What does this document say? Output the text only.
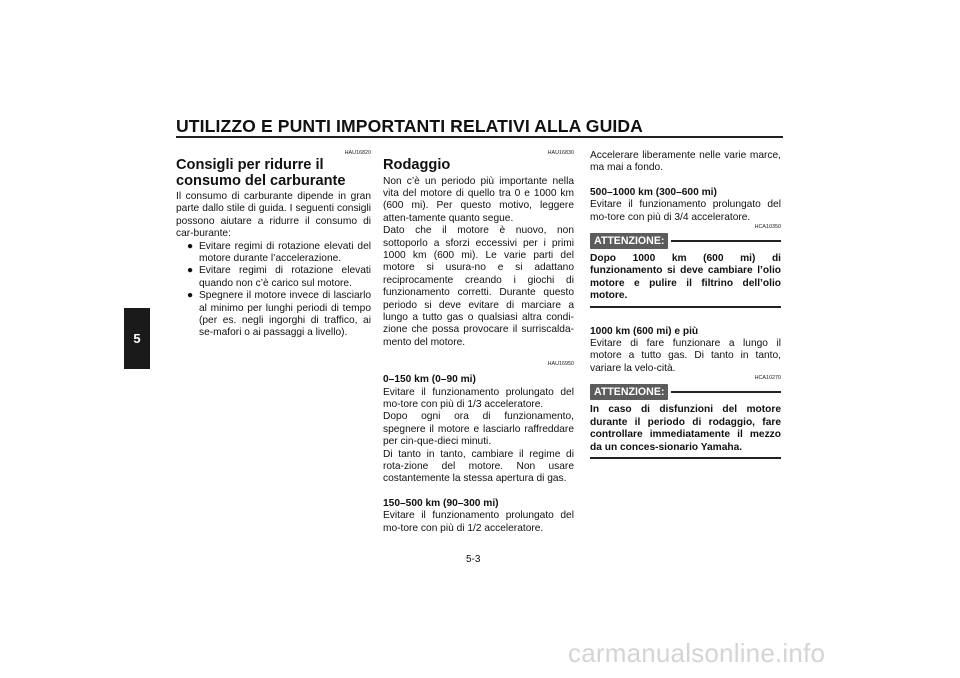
UTILIZZO E PUNTI IMPORTANTI RELATIVI ALLA GUIDA
5
HAU16820
Consigli per ridurre il consumo del carburante

Il consumo di carburante dipende in gran parte dallo stile di guida. I seguenti consigli possono aiutare a ridurre il consumo di car-burante:

● Evitare regimi di rotazione elevati del motore durante l’accelerazione.
● Evitare regimi di rotazione elevati quando non c’è carico sul motore.
● Spegnere il motore invece di lasciarlo al minimo per lunghi periodi di tempo (per es. negli ingorghi di traffico, ai se-mafori o ai passaggi a livello).
HAU16830
Rodaggio

Non c’è un periodo più importante nella vita del motore di quello tra 0 e 1000 km (600 mi). Per questo motivo, leggere atten-tamente quanto segue.

Dato che il motore è nuovo, non sottoporlo a sforzi eccessivi per i primi 1000 km (600 mi). Le varie parti del motore si usura-no e si adattano reciprocamente creando i giochi di funzionamento corretti. Durante questo periodo si deve evitare di marciare a lungo a tutto gas o qualsiasi altra condi-zione che possa provocare il surriscalda-mento del motore.

HAU16950

0–150 km (0–90 mi)

Evitare il funzionamento prolungato del mo-tore con più di 1/3 acceleratore.

Dopo ogni ora di funzionamento, spegnere il motore e lasciarlo raffreddare per cin-que-dieci minuti.

Di tanto in tanto, cambiare il regime di rota-zione del motore. Non usare costantemente la stessa apertura di gas.

150–500 km (90–300 mi)

Evitare il funzionamento prolungato del mo-tore con più di 1/2 acceleratore.

Accelerare liberamente nelle varie marce, ma mai a fondo.

500–1000 km (300–600 mi)

Evitare il funzionamento prolungato del mo-tore con più di 3/4 acceleratore.

HCA10350
ATTENZIONE:

Dopo 1000 km (600 mi) di funzionamento si deve cambiare l’olio motore e pulire il filtrino dell’olio motore.

1000 km (600 mi) e più

Evitare di fare funzionare a lungo il motore a tutto gas. Di tanto in tanto, variare la velo-cità.

HCA10270
ATTENZIONE:

In caso di disfunzioni del motore durante il periodo di rodaggio, fare controllare immediatamente il mezzo da un conces-sionario Yamaha.

5-3
carmanualsonline.info
